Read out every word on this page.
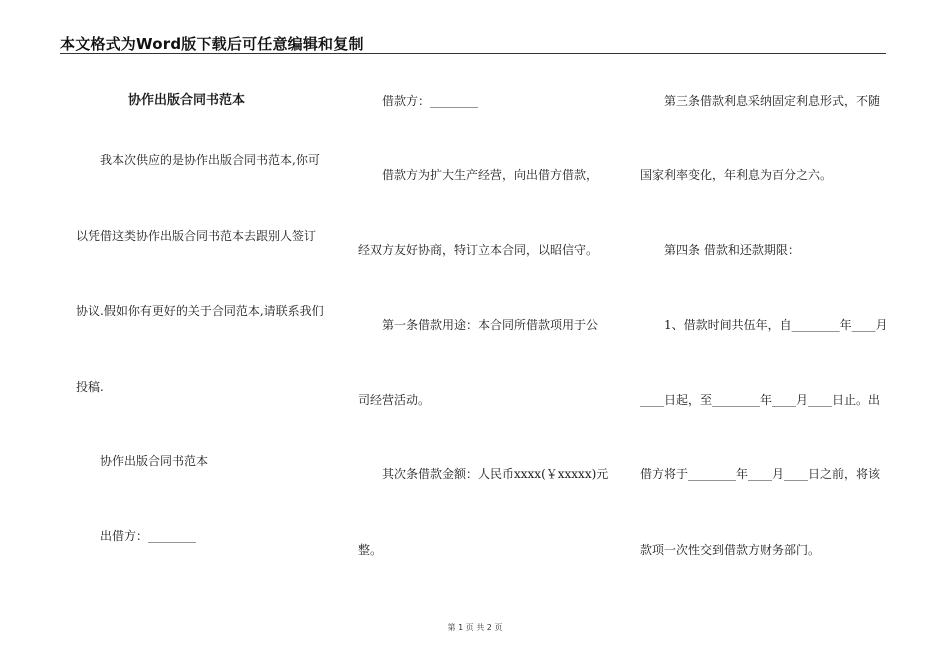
本文格式为Word版下载后可任意编辑和复制
协作出版合同书范本
我本次供应的是协作出版合同书范本,你可
以凭借这类协作出版合同书范本去跟别人签订
协议.假如你有更好的关于合同范本,请联系我们
投稿.
协作出版合同书范本
出借方：________
借款方：________
借款方为扩大生产经营，向出借方借款，
经双方友好协商，特订立本合同，以昭信守。
第一条借款用途：本合同所借款项用于公
司经营活动。
其次条借款金额：人民币xxxx(￥xxxxx)元
整。
第三条借款利息采纳固定利息形式，不随
国家利率变化，年利息为百分之六。
第四条 借款和还款期限：
1、借款时间共伍年，自________年____月
____日起，至________年____月____日止。出
借方将于________年____月____日之前，将该
款项一次性交到借款方财务部门。
第 1 页 共 2 页
